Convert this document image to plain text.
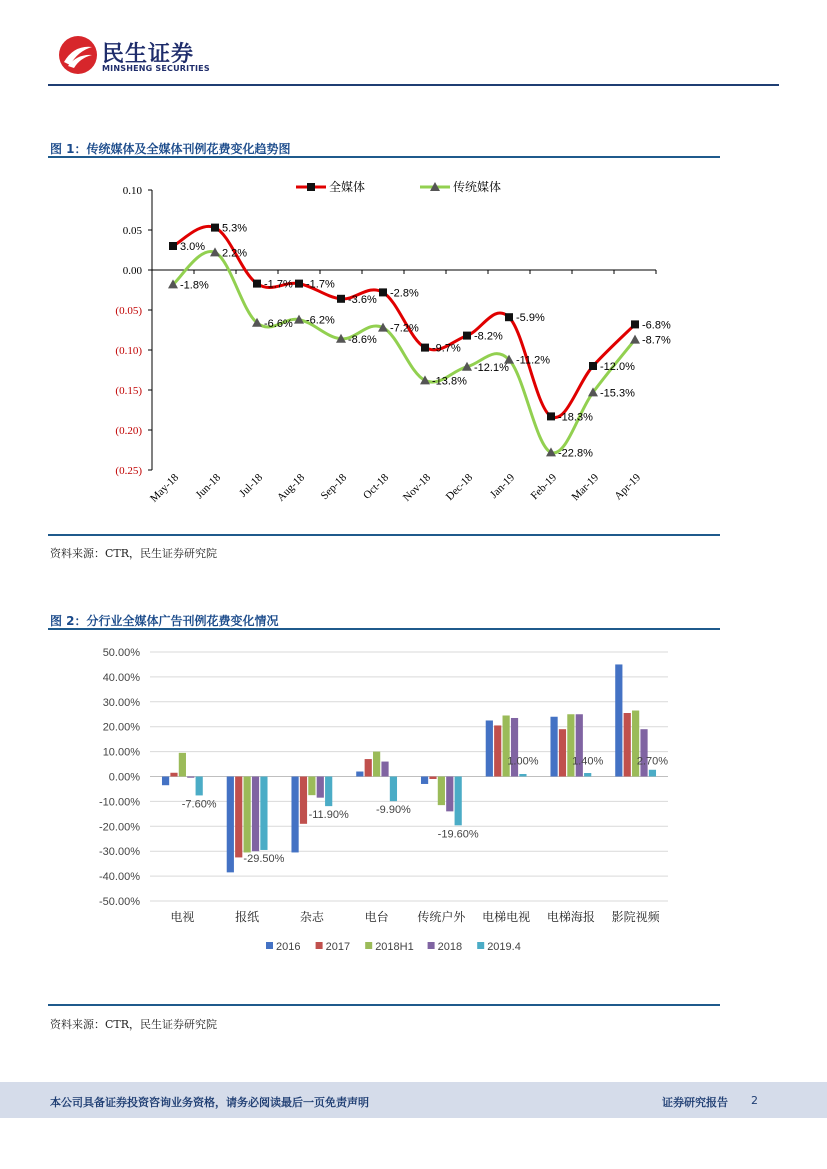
民生证券
MINSHENG SECURITIES
图 1：传统媒体及全媒体刊例花费变化趋势图
0.10
0.05
0.00
(0.05)
(0.10)
(0.15)
(0.20)
(0.25)
May-18 Jun-18 Jul-18 Aug-18 Sep-18 Oct-18 Nov-18 Dec-18 Jan-19 Feb-19 Mar-19 Apr-19
3.0%
5.3%
-1.7% -1.7%
-3.6%
-2.8%
-9.7%
-8.2%
-5.9%
-18.3%
-12.0%
-6.8%
-1.8%
2.2%
-6.6% -6.2%
-8.6%
-7.2%
-13.8%
-12.1%
-11.2%
-22.8%
-15.3%
-8.7%
全媒体	传统媒体
资料来源：CTR，民生证券研究院
图 2：分行业全媒体广告刊例花费变化情况
50.00%
40.00%
30.00%
20.00%
10.00%
0.00%
-10.00%
-20.00%
-30.00%
-40.00%
-50.00%
电视
-7.60%
报纸
-29.50%
杂志
-11.90%
电台
-9.90%
传统户外
-19.60%
电梯电视
1.00%
电梯海报
1.40%
影院视频
2.70%
2016 2017 2018H1 2018 2019.4
资料来源：CTR，民生证券研究院
本公司具备证券投资咨询业务资格，请务必阅读最后一页免责声明	证券研究报告 2
